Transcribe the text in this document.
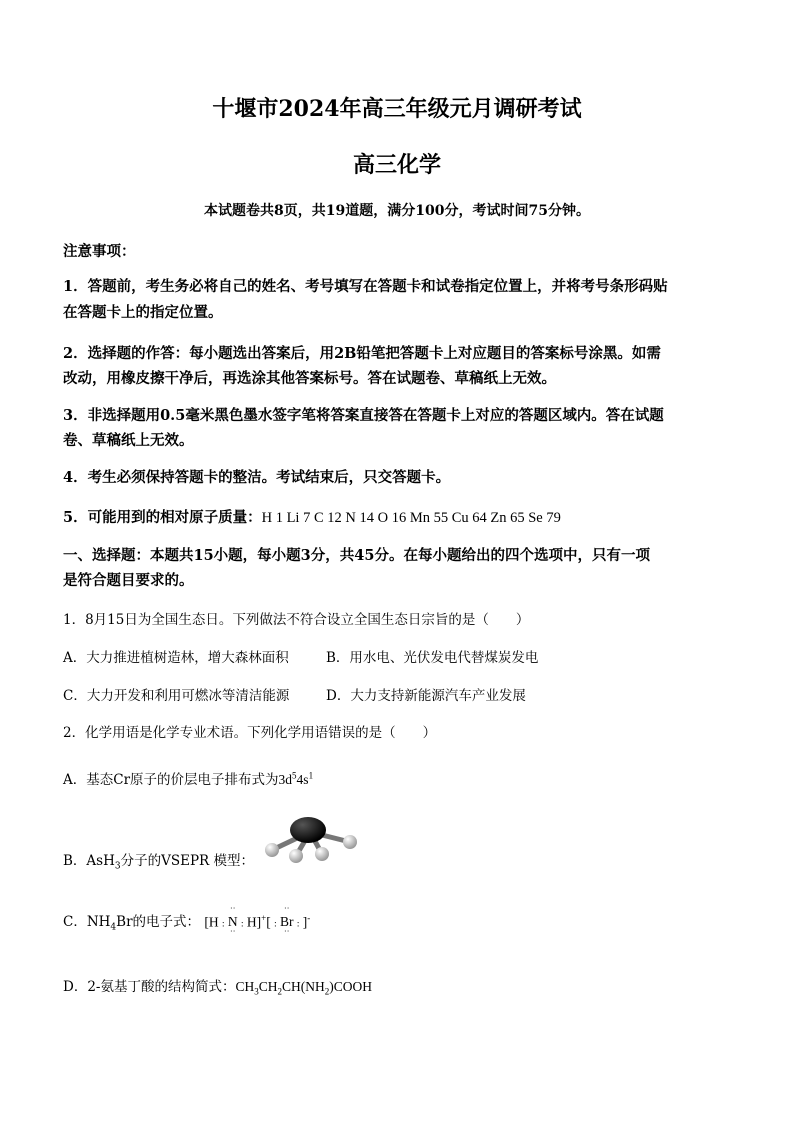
十堰市2024年高三年级元月调研考试
高三化学
本试题卷共8页，共19道题，满分100分，考试时间75分钟。
注意事项：
1．答题前，考生务必将自己的姓名、考号填写在答题卡和试卷指定位置上，并将考号条形码贴
在答题卡上的指定位置。
2．选择题的作答：每小题选出答案后，用2B铅笔把答题卡上对应题目的答案标号涂黑。如需
改动，用橡皮擦干净后，再选涂其他答案标号。答在试题卷、草稿纸上无效。
3．非选择题用0.5毫米黑色墨水签字笔将答案直接答在答题卡上对应的答题区域内。答在试题
卷、草稿纸上无效。
4．考生必须保持答题卡的整洁。考试结束后，只交答题卡。
5．可能用到的相对原子质量：H 1 Li 7 C 12 N 14 O 16 Mn 55 Cu 64 Zn 65 Se 79
一、选择题：本题共15小题，每小题3分，共45分。在每小题给出的四个选项中，只有一项
是符合题目要求的。
1．8月15日为全国生态日。下列做法不符合设立全国生态日宗旨的是（　　）
A．大力推进植树造林，增大森林面积	B．用水电、光伏发电代替煤炭发电
C．大力开发和利用可燃冰等清洁能源	D．大力支持新能源汽车产业发展
2．化学用语是化学专业术语。下列化学用语错误的是（　　）
A．基态Cr原子的价层电子排布式为$3d^54s^1$
B．AsH$_3$分子的VSEPR 模型：
C．$NH_4Br$的电子式： [H :
··
N
··
: H]+[ :
··
Br
··
: ]-
D．2-氨基丁酸的结构简式：$CH_3CH_2CH(NH_2)COOH$
